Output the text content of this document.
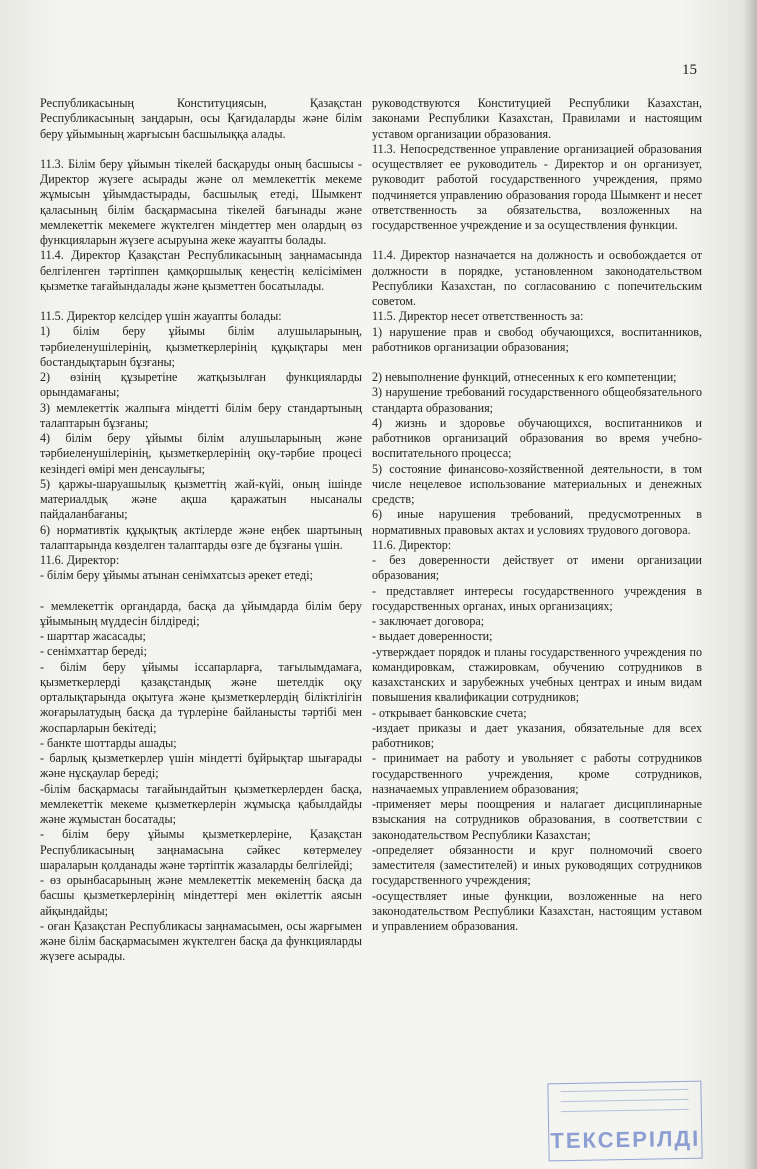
15

Республикасының Конституциясын, Қазақстан Республикасының заңдарын, осы Қағидаларды және білім беру ұйымының жарғысын басшылыққа алады.

11.3. Білім беру ұйымын тікелей басқаруды оның басшысы - Директор жүзеге асырады және ол мемлекеттік мекеме жұмысын ұйымдастырады, басшылық етеді, Шымкент қаласының білім басқармасына тікелей бағынады және мемлекеттік мекемеге жүктелген міндеттер мен олардың өз функцияларын жүзеге асыруына жеке жауапты болады.

11.4. Директор Қазақстан Республикасының заңнамасында белгіленген тәртіппен қамқоршылық кеңестің келісімімен қызметке тағайындалады және қызметтен босатылады.

11.5. Директор келсідер үшін жауапты болады:

1) білім беру ұйымы білім алушыларының, тәрбиеленушілерінің, қызметкерлерінің құқықтары мен бостандықтарын бұзғаны;

2) өзінің құзыретіне жатқызылған функцияларды орындамағаны;

3) мемлекеттік жалпыға міндетті білім беру стандартының талаптарын бұзғаны;

4) білім беру ұйымы білім алушыларының және тәрбиеленушілерінің, қызметкерлерінің оқу-тәрбие процесі кезіндегі өмірі мен денсаулығы;

5) қаржы-шаруашылық қызметтің жай-күйі, оның ішінде материалдық және ақша қаражатын нысаналы пайдаланбағаны;

6) нормативтік құқықтық актілерде және еңбек шартының талаптарында көзделген талаптарды өзге де бұзғаны үшін.

11.6. Директор:

- білім беру ұйымы атынан сенімхатсыз әрекет етеді;

- мемлекеттік органдарда, басқа да ұйымдарда білім беру ұйымының мүддесін білдіреді;

- шарттар жасасады;

- сенімхаттар береді;

- білім беру ұйымы іссапарларға, тағылымдамаға, қызметкерлерді қазақстандық және шетелдік оқу орталықтарында оқытуға және қызметкерлердің біліктілігін жоғарылатудың басқа да түрлеріне байланысты тәртібі мен жоспарларын бекітеді;

- банкте шоттарды ашады;

- барлық қызметкерлер үшін міндетті бұйрықтар шығарады және нұсқаулар береді;

-білім басқармасы тағайындайтын қызметкерлерден басқа, мемлекеттік мекеме қызметкерлерін жұмысқа қабылдайды және жұмыстан босатады;

- білім беру ұйымы қызметкерлеріне, Қазақстан Республикасының заңнамасына сәйкес көтермелеу шараларын қолданады және тәртіптік жазаларды белгілейді;

- өз орынбасарының және мемлекеттік мекеменің басқа да басшы қызметкерлерінің міндеттері мен өкілеттік аясын айқындайды;

- оған Қазақстан Республикасы заңнамасымен, осы жарғымен және білім басқармасымен жүктелген басқа да функцияларды жүзеге асырады.

руководствуются Конституцией Республики Казахстан, законами Республики Казахстан, Правилами и настоящим уставом организации образования.

11.3. Непосредственное управление организацией образования осуществляет ее руководитель - Директор и он организует, руководит работой государственного учреждения, прямо подчиняется управлению образования города Шымкент и несет ответственность за обязательства, возложенных на государственное учреждение и за осуществления функции.

11.4. Директор назначается на должность и освобождается от должности в порядке, установленном законодательством Республики Казахстан, по согласованию с попечительским советом.

11.5. Директор несет ответственность за:

1) нарушение прав и свобод обучающихся, воспитанников, работников организации образования;

2) невыполнение функций, отнесенных к его компетенции;

3) нарушение требований государственного общеобязательного стандарта образования;

4) жизнь и здоровье обучающихся, воспитанников и работников организаций образования во время учебно-воспитательного процесса;

5) состояние финансово-хозяйственной деятельности, в том числе нецелевое использование материальных и денежных средств;

6) иные нарушения требований, предусмотренных в нормативных правовых актах и условиях трудового договора.

11.6. Директор:

- без доверенности действует от имени организации образования;

- представляет интересы государственного учреждения в государственных органах, иных организациях;

- заключает договора;

- выдает доверенности;

-утверждает порядок и планы государственного учреждения по командировкам, стажировкам, обучению сотрудников в казахстанских и зарубежных учебных центрах и иным видам повышения квалификации сотрудников;

- открывает банковские счета;

-издает приказы и дает указания, обязательные для всех работников;

- принимает на работу и увольняет с работы сотрудников государственного учреждения, кроме сотрудников, назначаемых управлением образования;

-применяет меры поощрения и налагает дисциплинарные взыскания на сотрудников образования, в соответствии с законодательством Республики Казахстан;

-определяет обязанности и круг полномочий своего заместителя (заместителей) и иных руководящих сотрудников государственного учреждения;

-осуществляет иные функции, возложенные на него законодательством Республики Казахстан, настоящим уставом и управлением образования.

ТЕКСЕРІЛДІ
